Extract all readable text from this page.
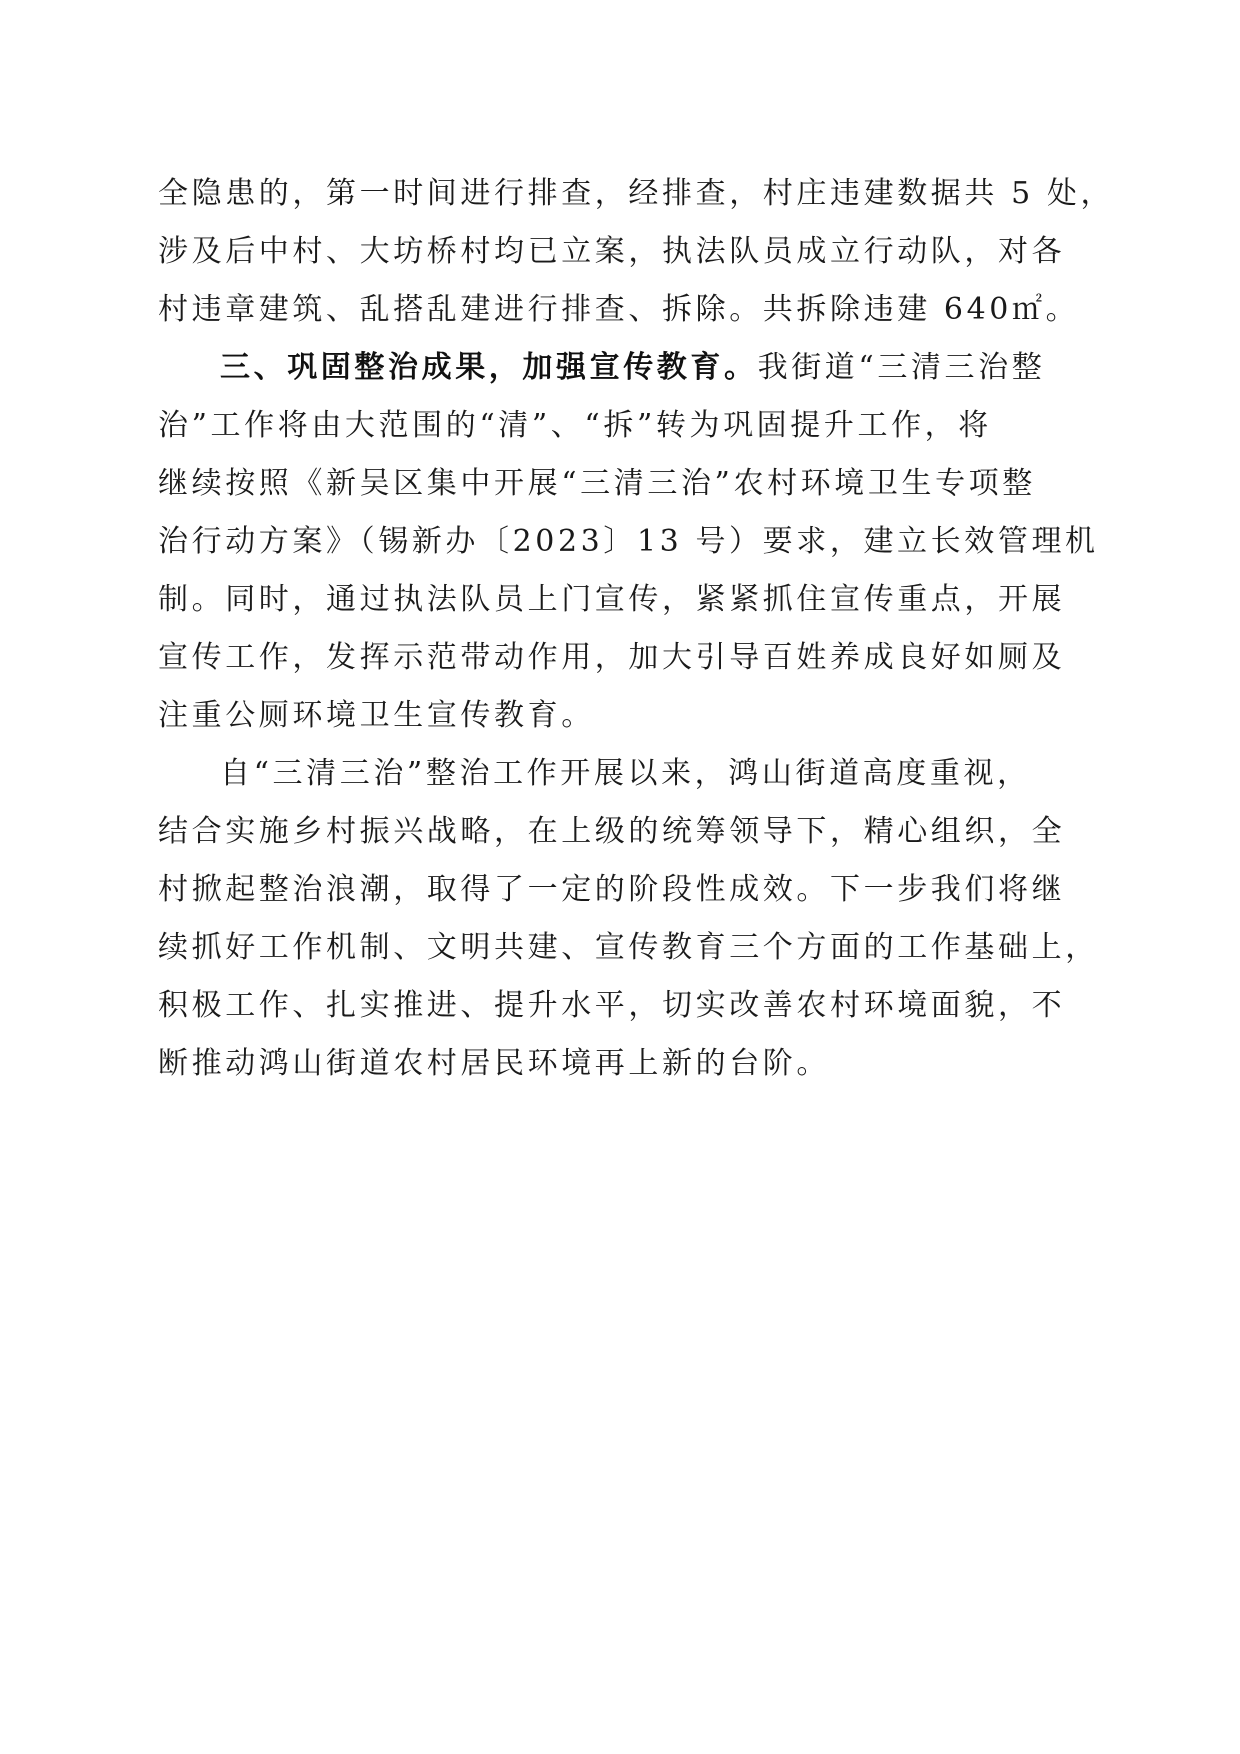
全隐患的，第一时间进行排查，经排查，村庄违建数据共 5 处，
涉及后中村、大坊桥村均已立案，执法队员成立行动队，对各
村违章建筑、乱搭乱建进行排查、拆除。共拆除违建 640㎡。
三、巩固整治成果，加强宣传教育。我街道“三清三治整
治”工作将由大范围的“清”、“拆”转为巩固提升工作，将
继续按照《新吴区集中开展“三清三治”农村环境卫生专项整
治行动方案》（锡新办〔2023〕13 号）要求，建立长效管理机
制。同时，通过执法队员上门宣传，紧紧抓住宣传重点，开展
宣传工作，发挥示范带动作用，加大引导百姓养成良好如厕及
注重公厕环境卫生宣传教育。
自“三清三治”整治工作开展以来，鸿山街道高度重视，
结合实施乡村振兴战略，在上级的统筹领导下，精心组织，全
村掀起整治浪潮，取得了一定的阶段性成效。下一步我们将继
续抓好工作机制、文明共建、宣传教育三个方面的工作基础上，
积极工作、扎实推进、提升水平，切实改善农村环境面貌，不
断推动鸿山街道农村居民环境再上新的台阶。
